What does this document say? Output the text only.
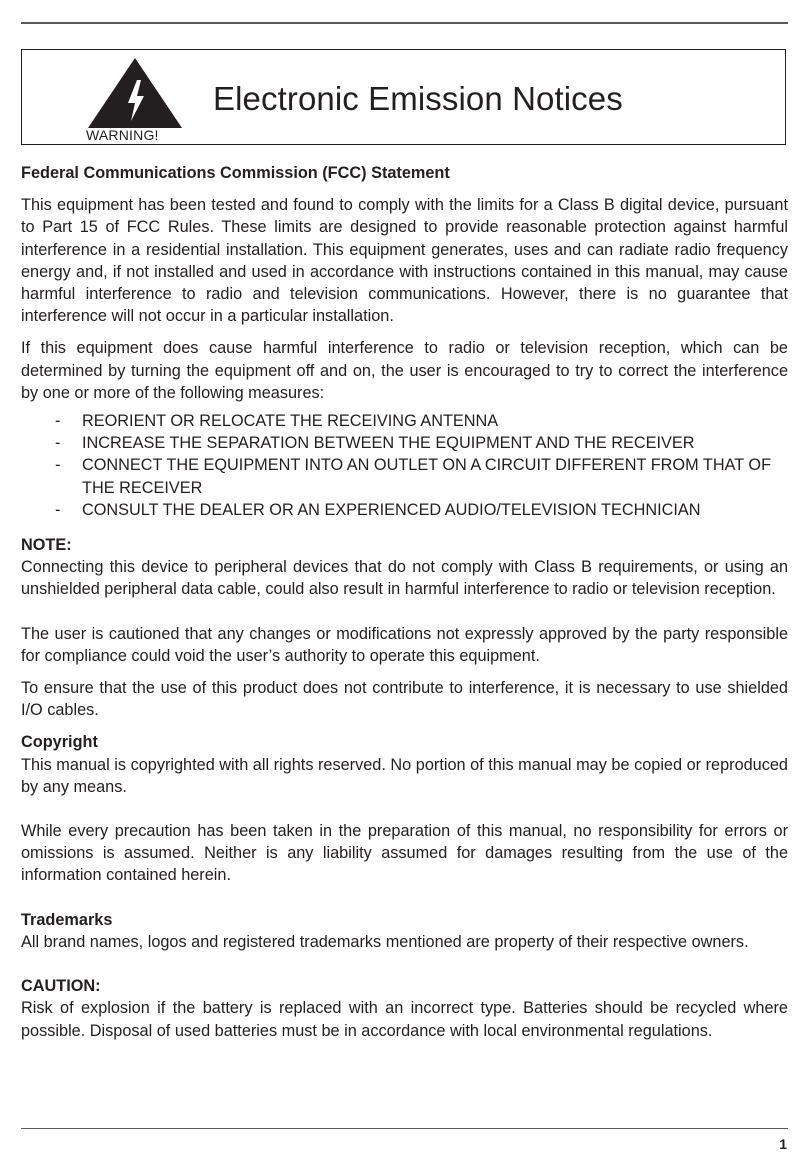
WARNING!
Electronic Emission Notices

Federal Communications Commission (FCC) Statement

This equipment has been tested and found to comply with the limits for a Class B digital device, pursuant to Part 15 of FCC Rules. These limits are designed to provide reasonable protection against harmful interference in a residential installation. This equipment generates, uses and can radiate radio frequency energy and, if not installed and used in accordance with instructions contained in this manual, may cause harmful interference to radio and television communications. However, there is no guarantee that interference will not occur in a particular installation.

If this equipment does cause harmful interference to radio or television reception, which can be determined by turning the equipment off and on, the user is encouraged to try to correct the interference by one or more of the following measures:

- REORIENT OR RELOCATE THE RECEIVING ANTENNA
- INCREASE THE SEPARATION BETWEEN THE EQUIPMENT AND THE RECEIVER
- CONNECT THE EQUIPMENT INTO AN OUTLET ON A CIRCUIT DIFFERENT FROM THAT OF THE RECEIVER
- CONSULT THE DEALER OR AN EXPERIENCED AUDIO/TELEVISION TECHNICIAN

NOTE:

Connecting this device to peripheral devices that do not comply with Class B requirements, or using an unshielded peripheral data cable, could also result in harmful interference to radio or television reception.

The user is cautioned that any changes or modifications not expressly approved by the party responsible for compliance could void the user’s authority to operate this equipment.

To ensure that the use of this product does not contribute to interference, it is necessary to use shielded I/O cables.

Copyright

This manual is copyrighted with all rights reserved. No portion of this manual may be copied or reproduced by any means.

While every precaution has been taken in the preparation of this manual, no responsibility for errors or omissions is assumed. Neither is any liability assumed for damages resulting from the use of the information contained herein.

Trademarks

All brand names, logos and registered trademarks mentioned are property of their respective owners.

CAUTION:

Risk of explosion if the battery is replaced with an incorrect type. Batteries should be recycled where possible. Disposal of used batteries must be in accordance with local environmental regulations.

1
